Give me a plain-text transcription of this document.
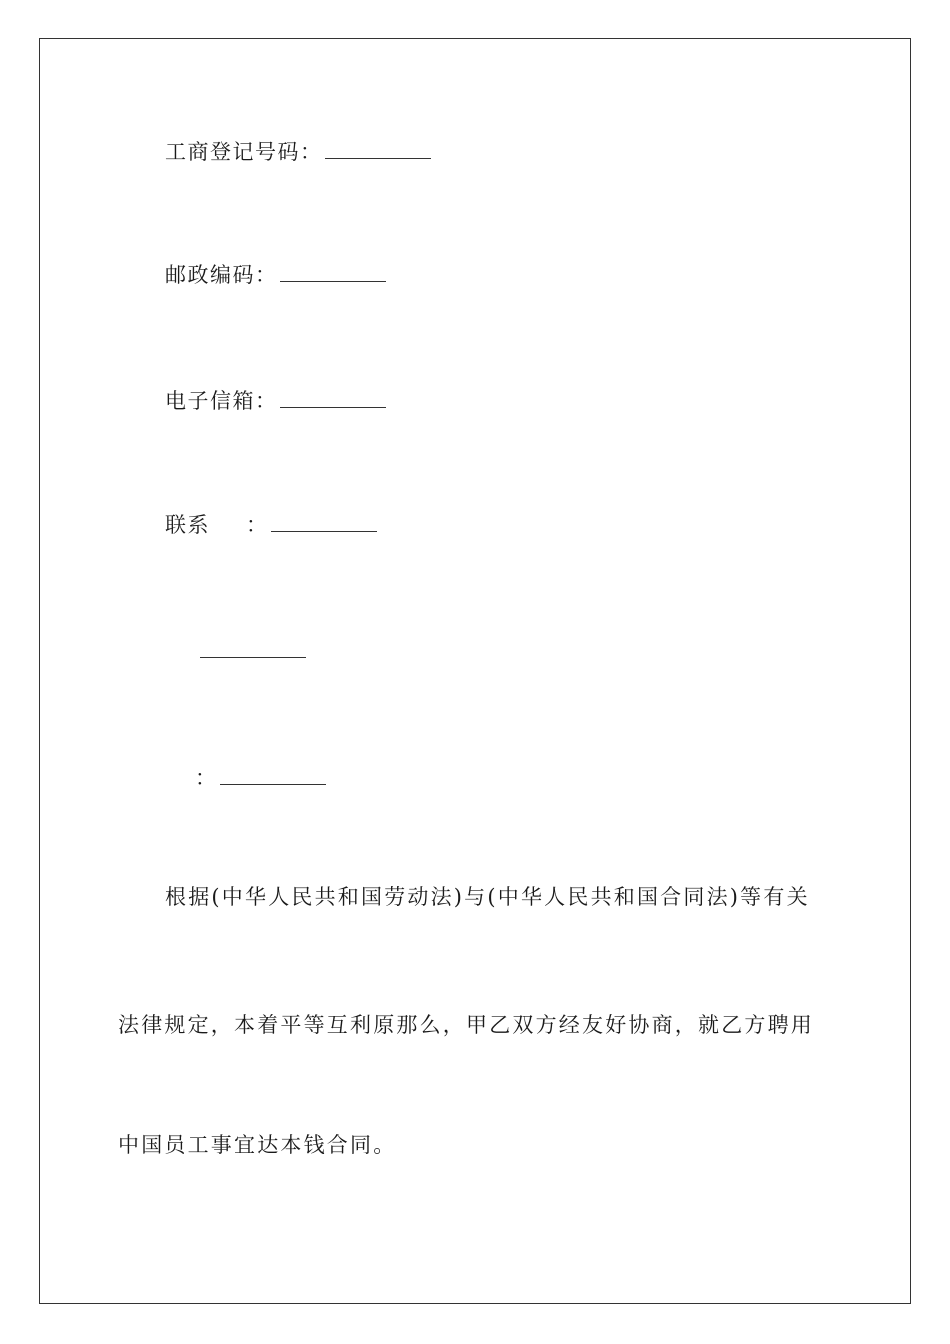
工商登记号码：
邮政编码：
电子信箱：
联系 ：
：
根据(中华人民共和国劳动法)与(中华人民共和国合同法)等有关
法律规定，本着平等互利原那么，甲乙双方经友好协商，就乙方聘用
中国员工事宜达本钱合同。
